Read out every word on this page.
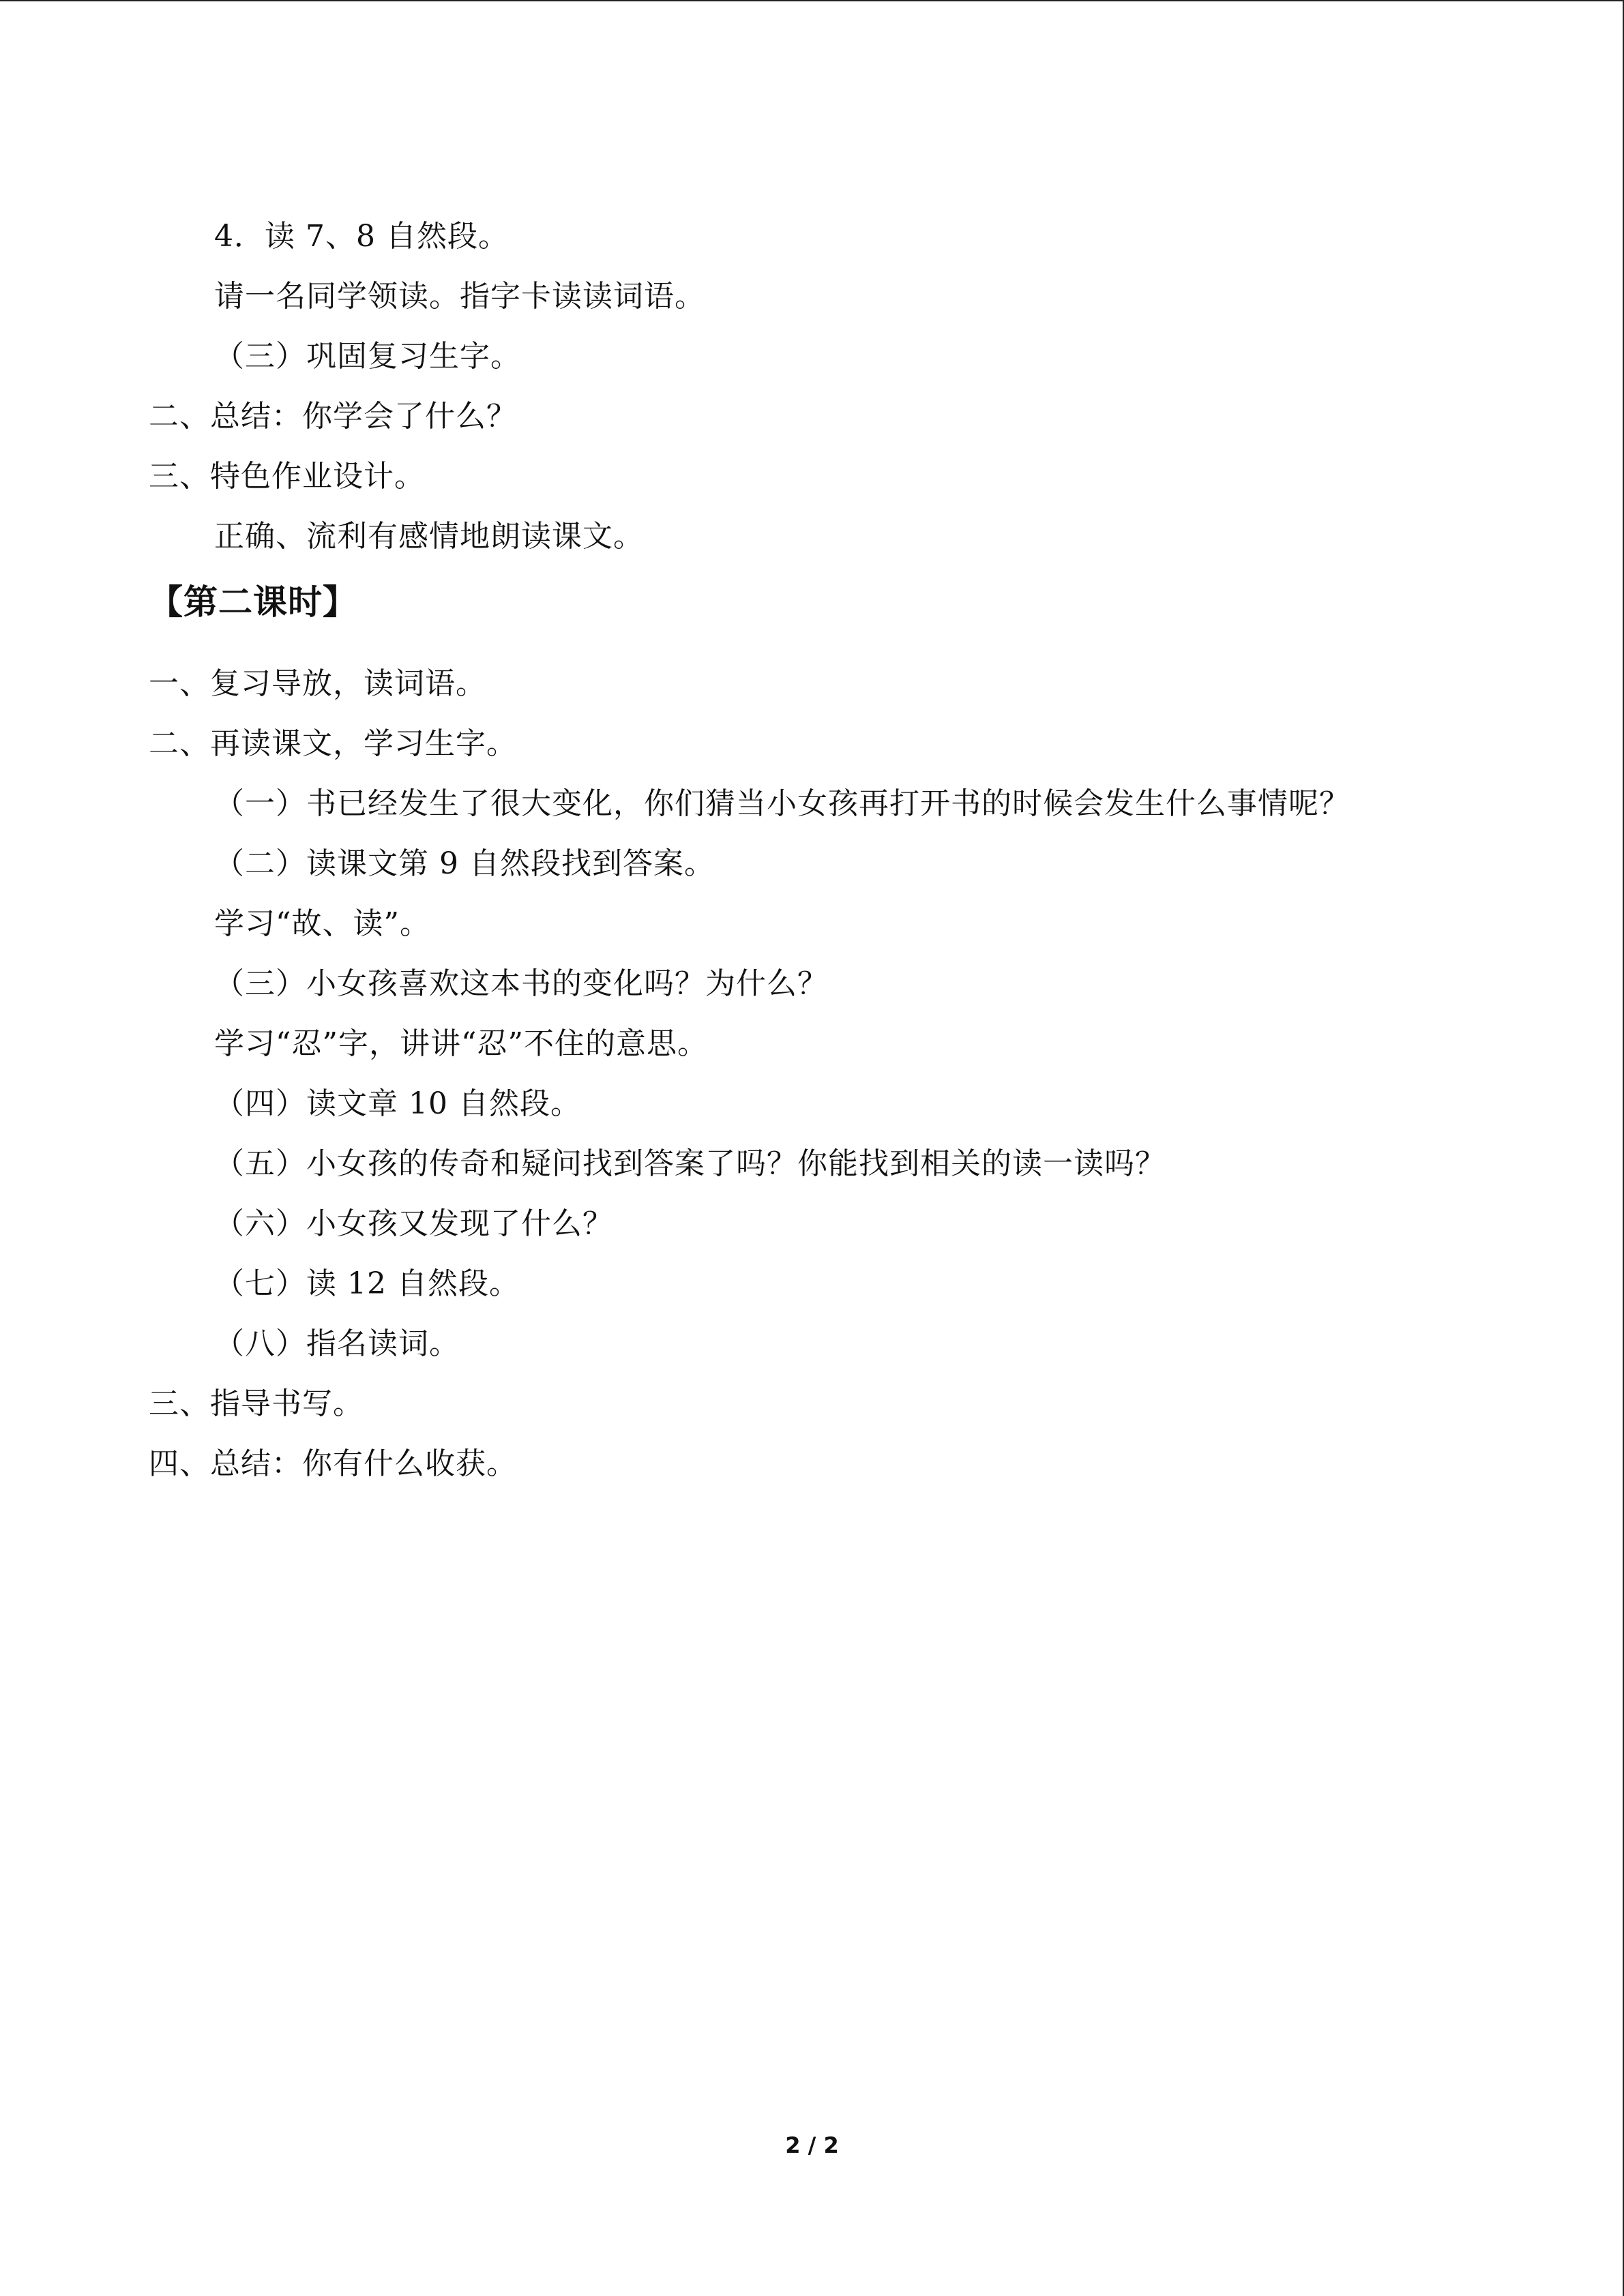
4．读 7、8 自然段。
请一名同学领读。指字卡读读词语。
（三）巩固复习生字。
二、总结：你学会了什么？
三、特色作业设计。
正确、流利有感情地朗读课文。
【第二课时】
一、复习导放，读词语。
二、再读课文，学习生字。
（一）书已经发生了很大变化，你们猜当小女孩再打开书的时候会发生什么事情呢？
（二）读课文第 9 自然段找到答案。
学习“故、读”。
（三）小女孩喜欢这本书的变化吗？为什么？
学习“忍”字，讲讲“忍”不住的意思。
（四）读文章 10 自然段。
（五）小女孩的传奇和疑问找到答案了吗？你能找到相关的读一读吗？
（六）小女孩又发现了什么？
（七）读 12 自然段。
（八）指名读词。
三、指导书写。
四、总结：你有什么收获。
2 / 2
